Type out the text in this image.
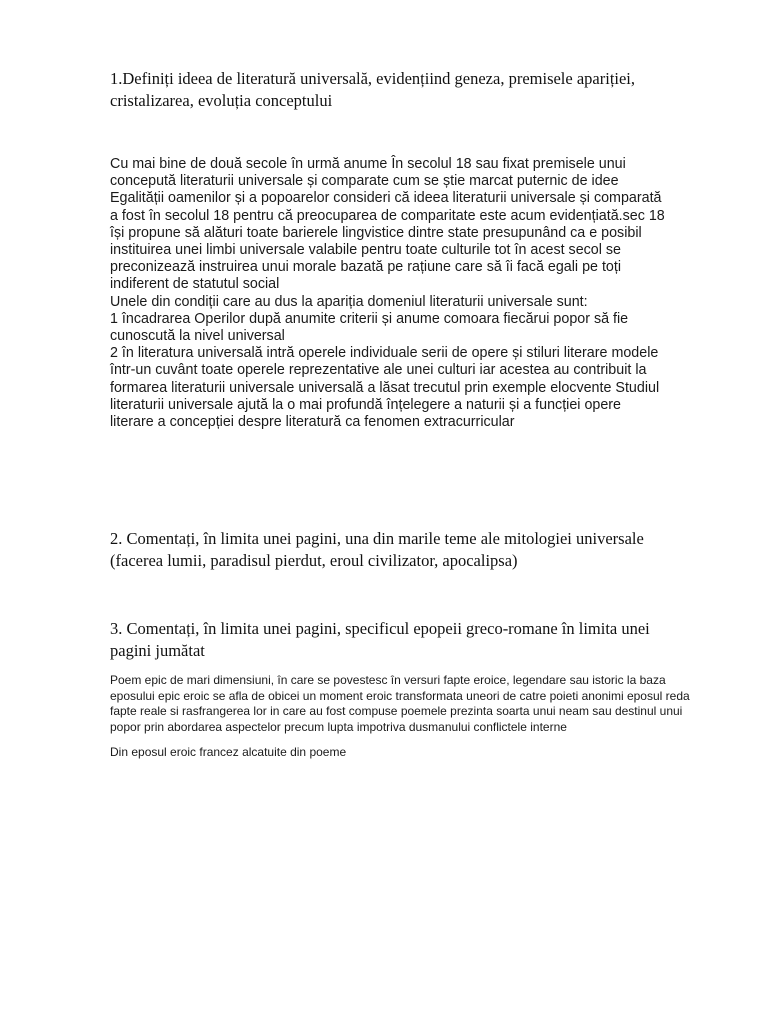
1.Definiți ideea de literatură universală, evidențiind geneza, premisele apariției,
cristalizarea, evoluția conceptului
Cu mai bine de două secole în urmă anume În secolul 18 sau fixat premisele unui
concepută literaturii universale și comparate cum se știe marcat puternic de idee
Egalității oamenilor și a popoarelor consideri că ideea literaturii universale și comparată
a fost în secolul 18 pentru că preocuparea de comparitate este acum evidențiată.sec 18
își propune să alături toate barierele lingvistice dintre state presupunând ca e posibil
instituirea unei limbi universale valabile pentru toate culturile tot în acest secol se
preconizează instruirea unui morale bazată pe rațiune care să îi facă egali pe toți
indiferent de statutul social
Unele din condiții care au dus la apariția domeniul literaturii universale sunt:
1 încadrarea Operilor după anumite criterii și anume comoara fiecărui popor să fie
cunoscută la nivel universal
2 în literatura universală intră operele individuale serii de opere și stiluri literare modele
într-un cuvânt toate operele reprezentative ale unei culturi iar acestea au contribuit la
formarea literaturii universale universală a lăsat trecutul prin exemple elocvente Studiul
literaturii universale ajută la o mai profundă înțelegere a naturii și a funcției opere
literare a concepției despre literatură ca fenomen extracurricular
2. Comentați, în limita unei pagini, una din marile teme ale mitologiei universale
(facerea lumii, paradisul pierdut, eroul civilizator, apocalipsa)
3. Comentați, în limita unei pagini, specificul epopeii greco-romane în limita unei
pagini jumătat
Poem epic de mari dimensiuni, în care se povestesc în versuri fapte eroice, legendare sau istoric la baza
eposului epic eroic se afla de obicei un moment eroic transformata uneori de catre poieti anonimi eposul reda
fapte reale si rasfrangerea lor in care au fost compuse poemele prezinta soarta unui neam sau destinul unui
popor prin abordarea aspectelor precum lupta impotriva dusmanului conflictele interne

Din eposul eroic francez alcatuite din poeme
